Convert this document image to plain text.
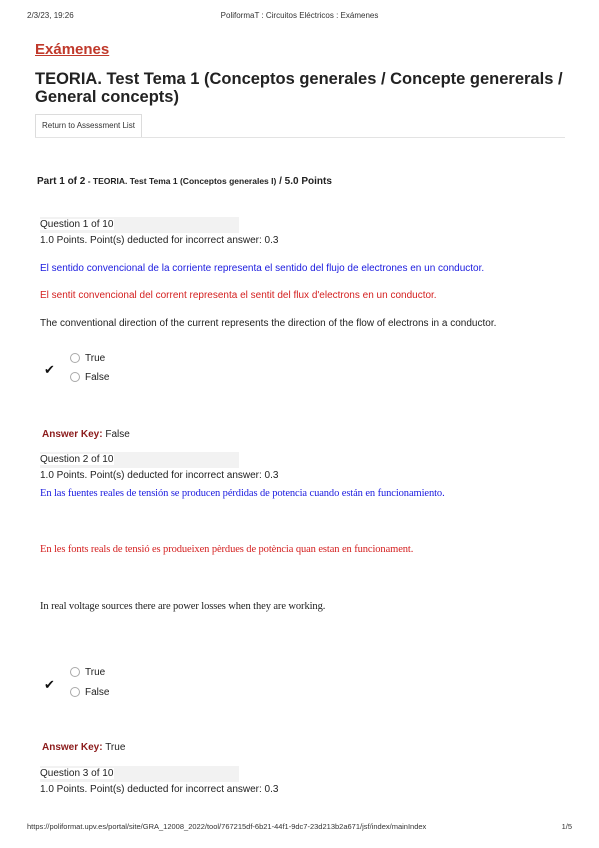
2/3/23, 19:26	PoliformaT : Circuitos Eléctricos : Exámenes
Exámenes
TEORIA. Test Tema 1 (Conceptos generales / Concepte genererals / General concepts)
Return to Assessment List
Part 1 of 2 - TEORIA. Test Tema 1 (Conceptos generales I) / 5.0 Points
Question 1 of 10
1.0 Points. Point(s) deducted for incorrect answer: 0.3
El sentido convencional de la corriente representa el sentido del flujo de electrones en un conductor.
El sentit convencional del corrent representa el sentit del flux d'electrons en un conductor.
The conventional direction of the current represents the direction of the flow of electrons in a conductor.
✔
True
False
Answer Key: False
Question 2 of 10
1.0 Points. Point(s) deducted for incorrect answer: 0.3
En las fuentes reales de tensión se producen pérdidas de potencia cuando están en funcionamiento.
En les fonts reals de tensió es produeixen pèrdues de potència quan estan en funcionament.
In real voltage sources there are power losses when they are working.
✔
True
False
Answer Key: True
Question 3 of 10
1.0 Points. Point(s) deducted for incorrect answer: 0.3
https://poliformat.upv.es/portal/site/GRA_12008_2022/tool/767215df-6b21-44f1-9dc7-23d213b2a671/jsf/index/mainIndex	1/5
